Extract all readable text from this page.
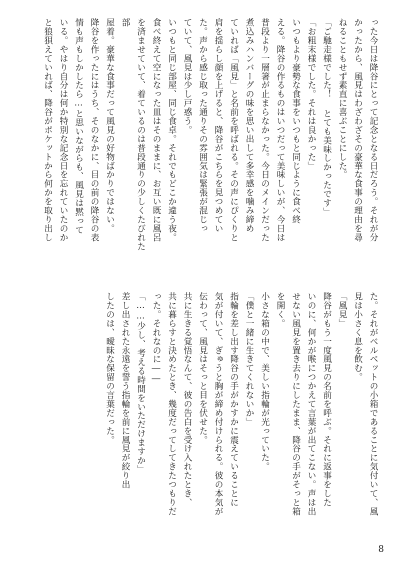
った今日は降谷にとって記念となる日だろう。それが分

かったから、風見はわざわざその豪華な食事の理由を尋

ねることもせず素直に喜ぶことにした。

「ご馳走様でした！ とても美味しかったです」

「お粗末様でした。それは良かった」

いつもより豪勢な食事をいつもと同じように食べ終

える。降谷の作るものはいつだって美味しいが、今日は

普段より一層箸が止まらなかった。今日のメインだった

煮込みハンバーグの味を思い出して多幸感を噛み締め

ていれば「風見」と名前を呼ばれる。その声にぴくりと

肩を揺らし顔を上げると、降谷がこちらを見つめてい

た。声から感じ取った通りその雰囲気は緊張が混じっ

ていて、風見は少し戸惑う。

いつもと同じ部屋、同じ食卓。それでもどこか違う夜。

食べ終えて空になった皿はそのままに、お互い既に風呂

を済ませていて、着ているのは普段通りの少しくたびれた部

屋着。豪華な食事だって風見の好物ばかりではない。

降谷を作ったにはうち、そのなかに、目の前の降谷の表

情も声もしかしたら…と思いながらも、風見は黙って

いる。やはり自分は何か特別な記念日を忘れていたのか

と狼狽えていれば、降谷がポケットから何かを取り出し

た。それがベルベットの小箱であることに気付いて、風

見は小さく息を飲む。

「風見」

降谷がもう一度風見の名前を呼ぶ。それに返事をした

いのに、何かが喉につかえて言葉が出てこない。声は出

せない風見を置き去りにしたまま、降谷の手がそっと箱

を開く。

小さな箱の中で、美しい指輪が光っていた。

「僕と一緒に生きてくれないか」

指輪を差し出す降谷の手がかすかに震えていることに

気が付いて、ぎゅうと胸が締め付けられる。彼の本気が

伝わって、風見はそっと目を伏せた。

共に生きる覚悟なんて、彼の告白を受け入れたとき、

共に暮らすと決めたとき、幾度だってしてきたつもりだ

った。それなのに――

「……少し、考える時間をいただけますか」

差し出された永遠を誓う指輪を前に風見が絞り出

したのは、曖昧な保留の言葉だった。

8
